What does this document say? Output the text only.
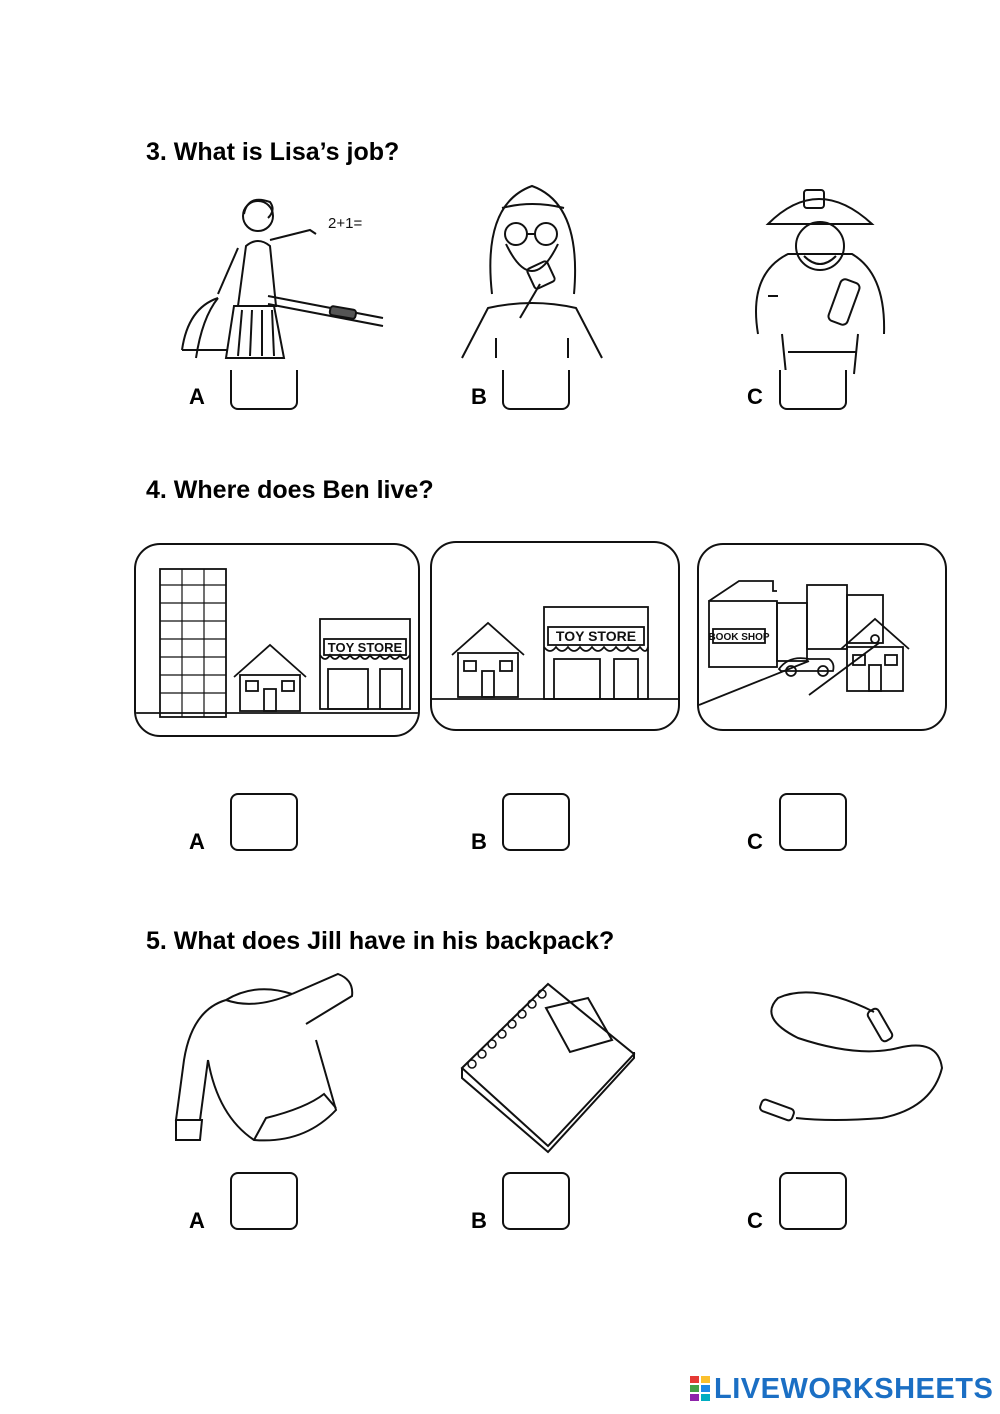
3. What is Lisa’s job?
2+1=
A	B	C
4. Where does Ben live?
TOY STORE
TOY STORE	BOOK SHOP
A	B	C
5. What does Jill have in his backpack?
A	B	C
LIVEWORKSHEETS
